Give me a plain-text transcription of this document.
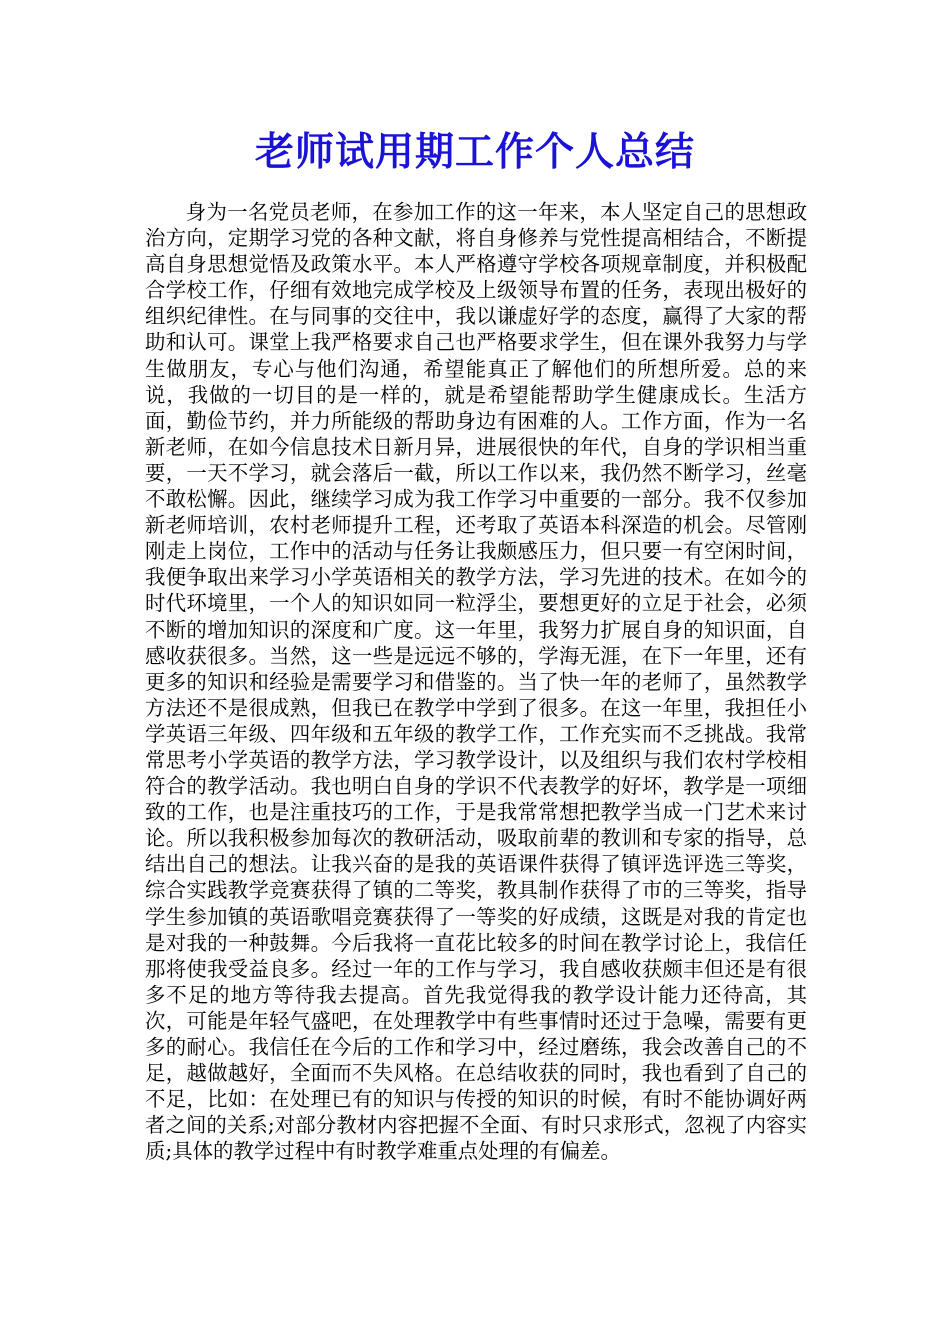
老师试用期工作个人总结

身为一名党员老师，在参加工作的这一年来，本人坚定自己的思想政治方向，定期学习党的各种文献，将自身修养与党性提高相结合，不断提高自身思想觉悟及政策水平。本人严格遵守学校各项规章制度，并积极配合学校工作，仔细有效地完成学校及上级领导布置的任务，表现出极好的组织纪律性。在与同事的交往中，我以谦虚好学的态度，赢得了大家的帮助和认可。课堂上我严格要求自己也严格要求学生，但在课外我努力与学生做朋友，专心与他们沟通，希望能真正了解他们的所想所爱。总的来说，我做的一切目的是一样的，就是希望能帮助学生健康成长。生活方面，勤俭节约，并力所能级的帮助身边有困难的人。工作方面，作为一名新老师，在如今信息技术日新月异，进展很快的年代，自身的学识相当重要，一天不学习，就会落后一截，所以工作以来，我仍然不断学习，丝毫不敢松懈。因此，继续学习成为我工作学习中重要的一部分。我不仅参加新老师培训，农村老师提升工程，还考取了英语本科深造的机会。尽管刚刚走上岗位，工作中的活动与任务让我颇感压力，但只要一有空闲时间，我便争取出来学习小学英语相关的教学方法，学习先进的技术。在如今的时代环境里，一个人的知识如同一粒浮尘，要想更好的立足于社会，必须不断的增加知识的深度和广度。这一年里，我努力扩展自身的知识面，自感收获很多。当然，这一些是远远不够的，学海无涯，在下一年里，还有更多的知识和经验是需要学习和借鉴的。当了快一年的老师了，虽然教学方法还不是很成熟，但我已在教学中学到了很多。在这一年里，我担任小学英语三年级、四年级和五年级的教学工作，工作充实而不乏挑战。我常常思考小学英语的教学方法，学习教学设计，以及组织与我们农村学校相符合的教学活动。我也明白自身的学识不代表教学的好坏，教学是一项细致的工作，也是注重技巧的工作，于是我常常想把教学当成一门艺术来讨论。所以我积极参加每次的教研活动，吸取前辈的教训和专家的指导，总结出自己的想法。让我兴奋的是我的英语课件获得了镇评选评选三等奖，综合实践教学竞赛获得了镇的二等奖，教具制作获得了市的三等奖，指导学生参加镇的英语歌唱竞赛获得了一等奖的好成绩，这既是对我的肯定也是对我的一种鼓舞。今后我将一直花比较多的时间在教学讨论上，我信任那将使我受益良多。经过一年的工作与学习，我自感收获颇丰但还是有很多不足的地方等待我去提高。首先我觉得我的教学设计能力还待高，其次，可能是年轻气盛吧，在处理教学中有些事情时还过于急噪，需要有更多的耐心。我信任在今后的工作和学习中，经过磨练，我会改善自己的不足，越做越好，全面而不失风格。在总结收获的同时，我也看到了自己的不足，比如：在处理已有的知识与传授的知识的时候，有时不能协调好两者之间的关系;对部分教材内容把握不全面、有时只求形式，忽视了内容实质;具体的教学过程中有时教学难重点处理的有偏差。
